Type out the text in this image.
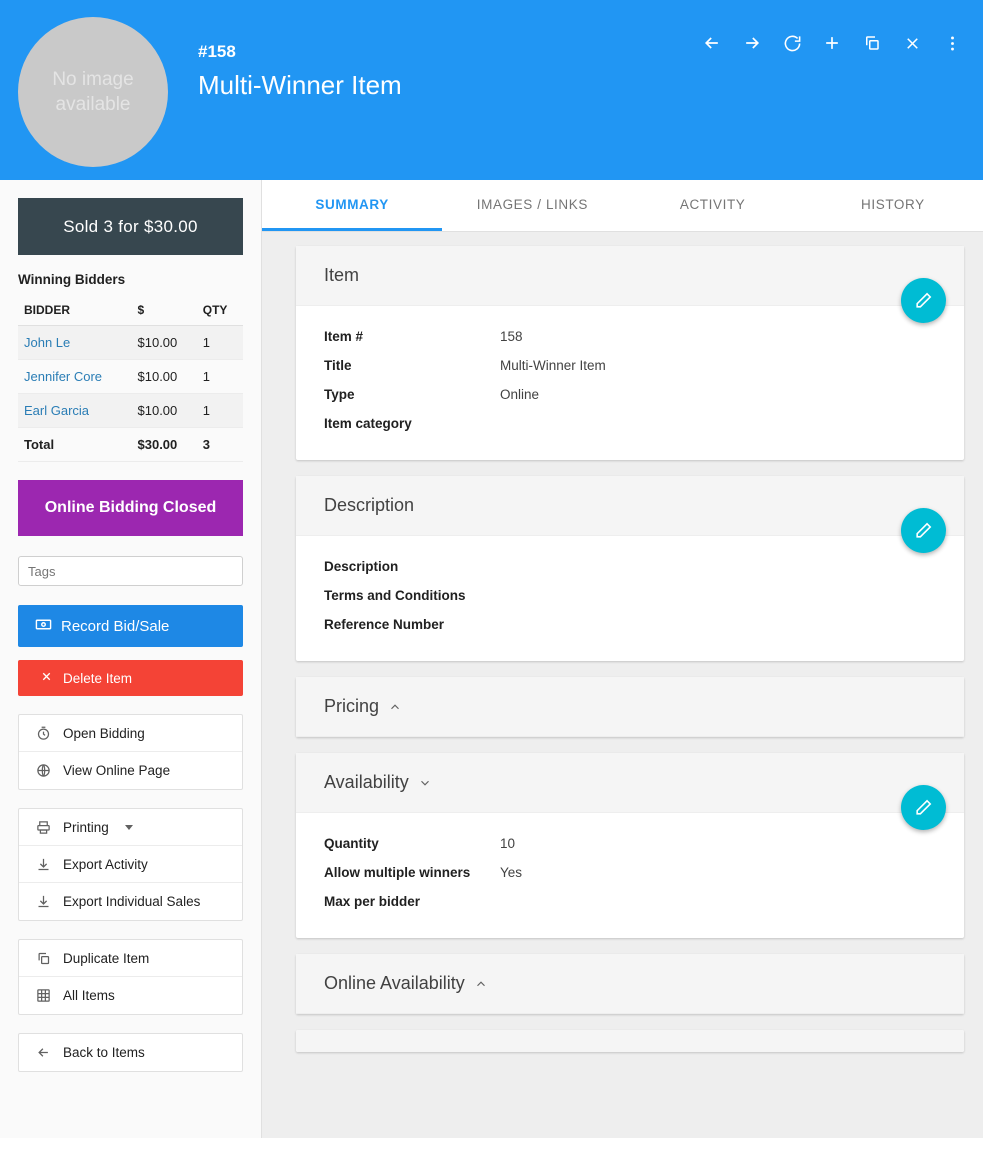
No image available
#158
Multi-Winner Item
Sold 3 for $30.00
Winning Bidders
BIDDER	$	QTY
John Le	$10.00	1
Jennifer Core	$10.00	1
Earl Garcia	$10.00	1
Total	$30.00	3
Online Bidding Closed
Tags
Record Bid/Sale
Delete Item
Open Bidding
View Online Page
Printing
Export Activity
Export Individual Sales
Duplicate Item
All Items
Back to Items
SUMMARY	IMAGES / LINKS	ACTIVITY	HISTORY
Item
Item #	158
Title	Multi-Winner Item
Type	Online
Item category
Description
Description
Terms and Conditions
Reference Number
Pricing
Availability
Quantity	10
Allow multiple winners	Yes
Max per bidder
Online Availability
